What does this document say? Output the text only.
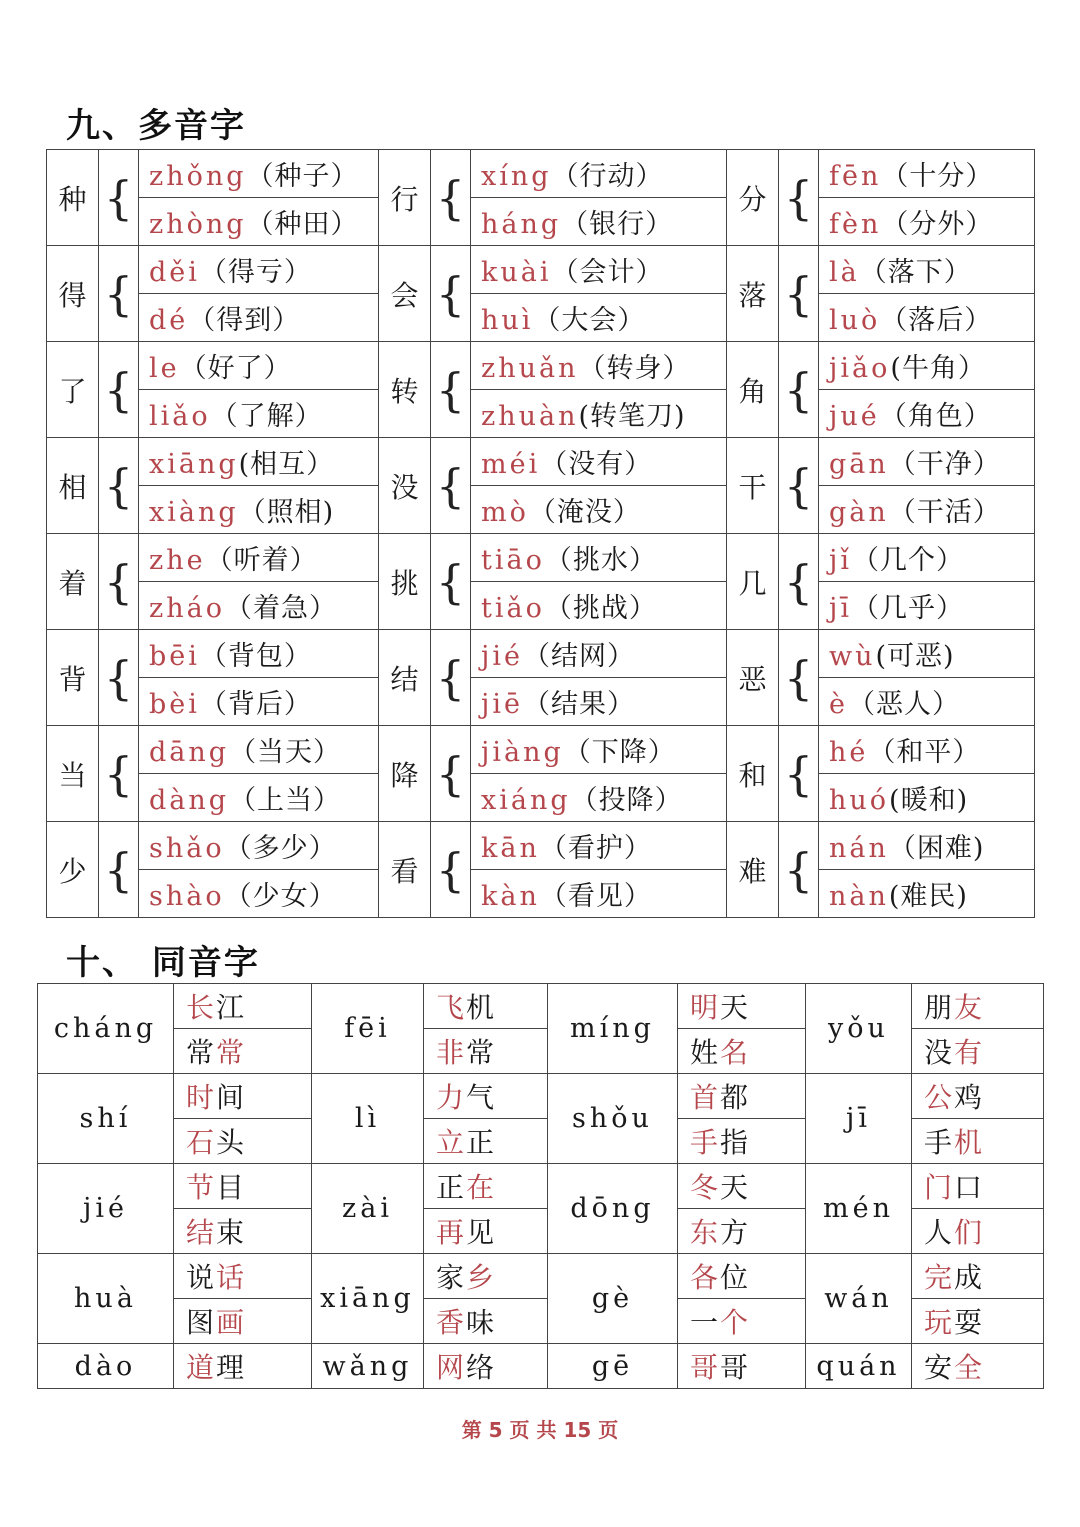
九、多音字
种	{	zhǒng（种子）	行	{	xíng（行动）	分	{	fēn（十分）
		zhòng（种田）			háng（银行）			fèn（分外）
得	{	děi（得亏）	会	{	kuài（会计）	落	{	là（落下）
		dé（得到）			huì（大会）			luò（落后）
了	{	le（好了）	转	{	zhuǎn（转身）	角	{	jiǎo(牛角）
		liǎo（了解）			zhuàn(转笔刀)			jué（角色）
相	{	xiāng(相互）	没	{	méi（没有）	干	{	gān（干净）
		xiàng（照相)			mò（淹没）			gàn（干活）
着	{	zhe（听着）	挑	{	tiāo（挑水）	几	{	jǐ（几个）
		zháo（着急）			tiǎo（挑战）			jī（几乎）
背	{	bēi（背包）	结	{	jié（结网）	恶	{	wù(可恶)
		bèi（背后）			jiē（结果）			è（恶人）
当	{	dāng（当天）	降	{	jiàng（下降）	和	{	hé（和平）
		dàng（上当）			xiáng（投降）			huó(暖和)
少	{	shǎo（多少）	看	{	kān（看护）	难	{	nán（困难)
		shào（少女）			kàn（看见）			nàn(难民)
十、 同音字
cháng	长江	fēi	飞机	míng	明天	yǒu	朋友
	常常		非常		姓名		没有
shí	时间	lì	力气	shǒu	首都	jī	公鸡
	石头		立正		手指		手机
jié	节目	zài	正在	dōng	冬天	mén	门口
	结束		再见		东方		人们
huà	说话	xiāng	家乡	gè	各位	wán	完成
	图画		香味		一个		玩耍
dào	道理	wǎng	网络	gē	哥哥	quán	安全
第 5 页 共 15 页
